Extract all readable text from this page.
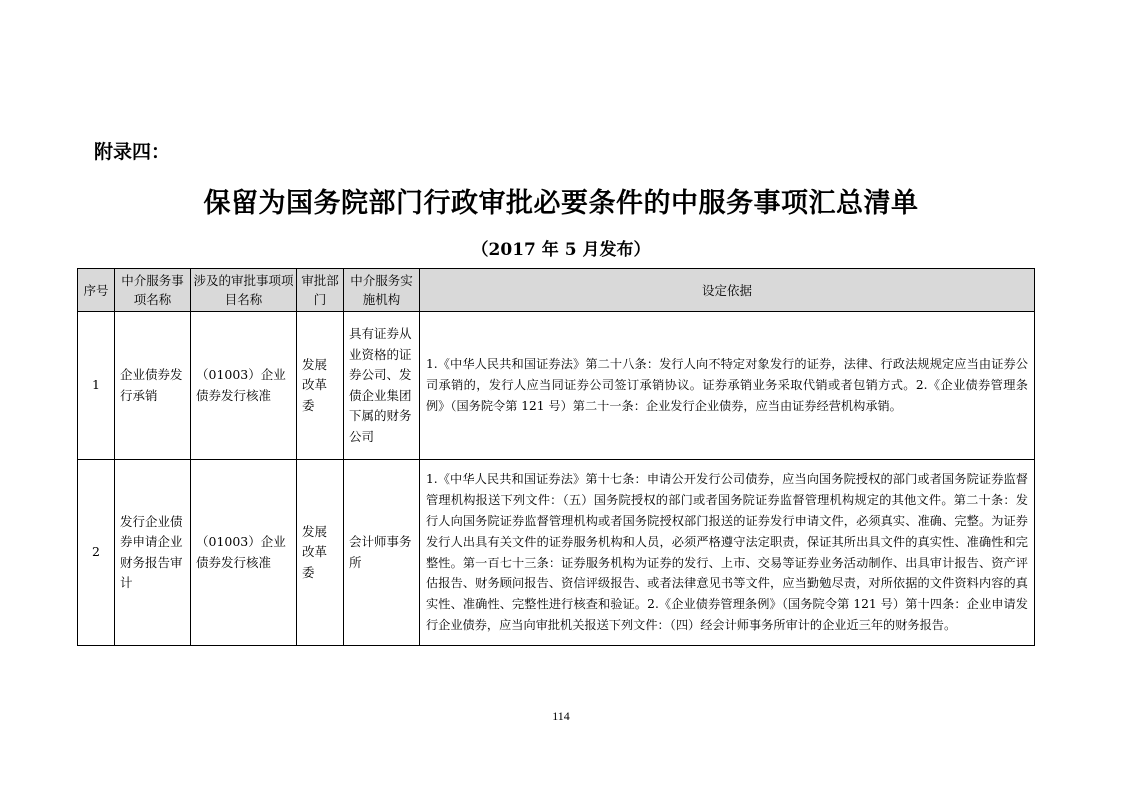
附录四：
保留为国务院部门行政审批必要条件的中服务事项汇总清单
（2017 年 5 月发布）
序号	中介服务事项名称	涉及的审批事项项目名称	审批部门	中介服务实施机构	设定依据
1	企业债券发行承销	（01003）企业债券发行核准	发展改革委	具有证券从业资格的证券公司、发债企业集团下属的财务公司	1.《中华人民共和国证券法》第二十八条：发行人向不特定对象发行的证券，法律、行政法规规定应当由证券公司承销的，发行人应当同证券公司签订承销协议。证券承销业务采取代销或者包销方式。2.《企业债券管理条例》（国务院令第 121 号）第二十一条：企业发行企业债券，应当由证券经营机构承销。
2	发行企业债券申请企业财务报告审计	（01003）企业债券发行核准	发展改革委	会计师事务所	1.《中华人民共和国证券法》第十七条：申请公开发行公司债券，应当向国务院授权的部门或者国务院证券监督管理机构报送下列文件：（五）国务院授权的部门或者国务院证券监督管理机构规定的其他文件。第二十条：发行人向国务院证券监督管理机构或者国务院授权部门报送的证券发行申请文件，必须真实、准确、完整。为证券发行人出具有关文件的证券服务机构和人员，必须严格遵守法定职责，保证其所出具文件的真实性、准确性和完整性。第一百七十三条：证券服务机构为证券的发行、上市、交易等证券业务活动制作、出具审计报告、资产评估报告、财务顾问报告、资信评级报告、或者法律意见书等文件，应当勤勉尽责，对所依据的文件资料内容的真实性、准确性、完整性进行核查和验证。2.《企业债券管理条例》（国务院令第 121 号）第十四条：企业申请发行企业债券，应当向审批机关报送下列文件：（四）经会计师事务所审计的企业近三年的财务报告。
114
